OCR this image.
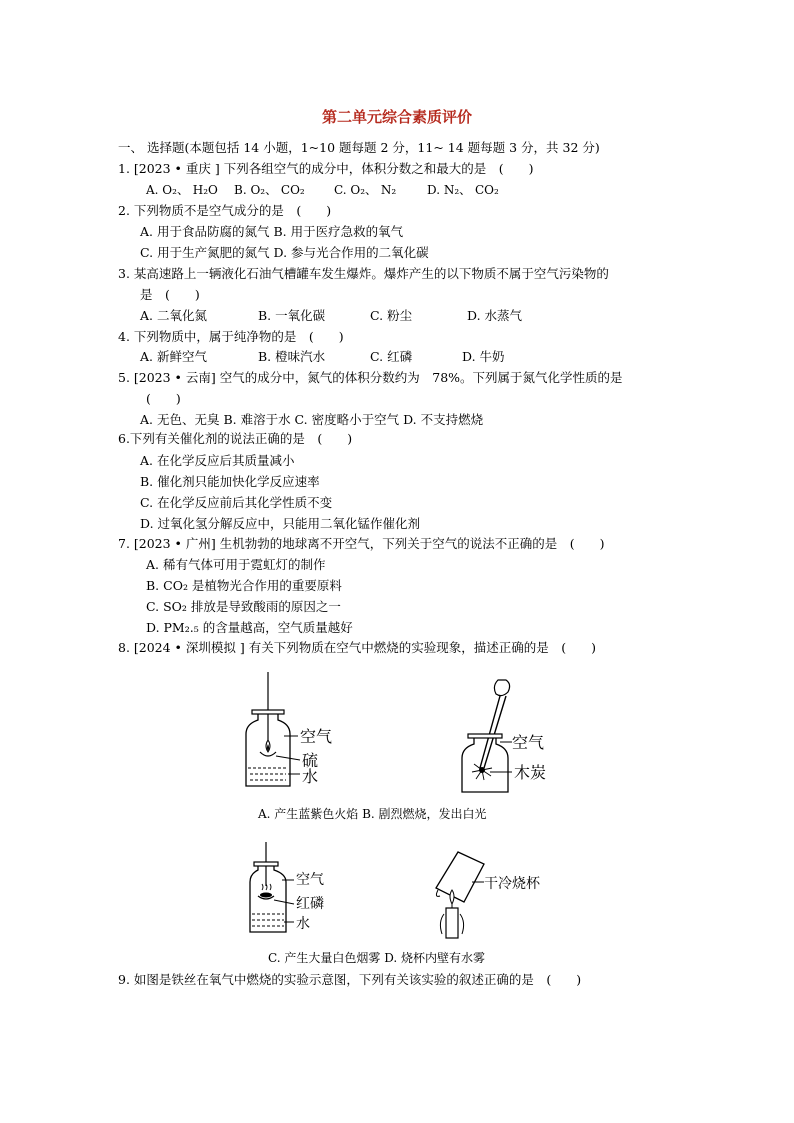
第二单元综合素质评价
一、 选择题(本题包括 14 小题，1~10 题每题 2 分，11~ 14 题每题 3 分，共 32 分)
1. [2023 • 重庆 ] 下列各组空气的成分中，体积分数之和最大的是　(　　)
A. O₂、 H₂O B. O₂、 CO₂ C. O₂、 N₂	D. N₂、 CO₂
2. 下列物质不是空气成分的是　(　　)
A. 用于食品防腐的氮气 B. 用于医疗急救的氧气
C. 用于生产氮肥的氮气 D. 参与光合作用的二氧化碳
3. 某高速路上一辆液化石油气槽罐车发生爆炸。爆炸产生的以下物质不属于空气污染物的
是　(　　)
A. 二氧化氮	B. 一氧化碳	C. 粉尘	D. 水蒸气
4. 下列物质中，属于纯净物的是　(　　)
A. 新鲜空气	B. 橙味汽水	C. 红磷	D. 牛奶
5. [2023 • 云南] 空气的成分中，氮气的体积分数约为　78%。下列属于氮气化学性质的是
(　　)
A. 无色、无臭 B. 难溶于水 C. 密度略小于空气 D. 不支持燃烧
6.下列有关催化剂的说法正确的是　(　　)
A. 在化学反应后其质量减小
B. 催化剂只能加快化学反应速率
C. 在化学反应前后其化学性质不变
D. 过氧化氢分解反应中，只能用二氧化锰作催化剂
7. [2023 • 广州] 生机勃勃的地球离不开空气，下列关于空气的说法不正确的是　(　　)
A. 稀有气体可用于霓虹灯的制作
B. CO₂ 是植物光合作用的重要原料
C. SO₂ 排放是导致酸雨的原因之一
D. PM₂.₅ 的含量越高，空气质量越好
8. [2024 • 深圳模拟 ] 有关下列物质在空气中燃烧的实验现象，描述正确的是　(　　)
空气
硫
水
空气
木炭
A. 产生蓝紫色火焰 B. 剧烈燃烧，发出白光
空气
红磷
水
干冷烧杯
C. 产生大量白色烟雾 D. 烧杯内壁有水雾
9. 如图是铁丝在氧气中燃烧的实验示意图，下列有关该实验的叙述正确的是　(　　)
